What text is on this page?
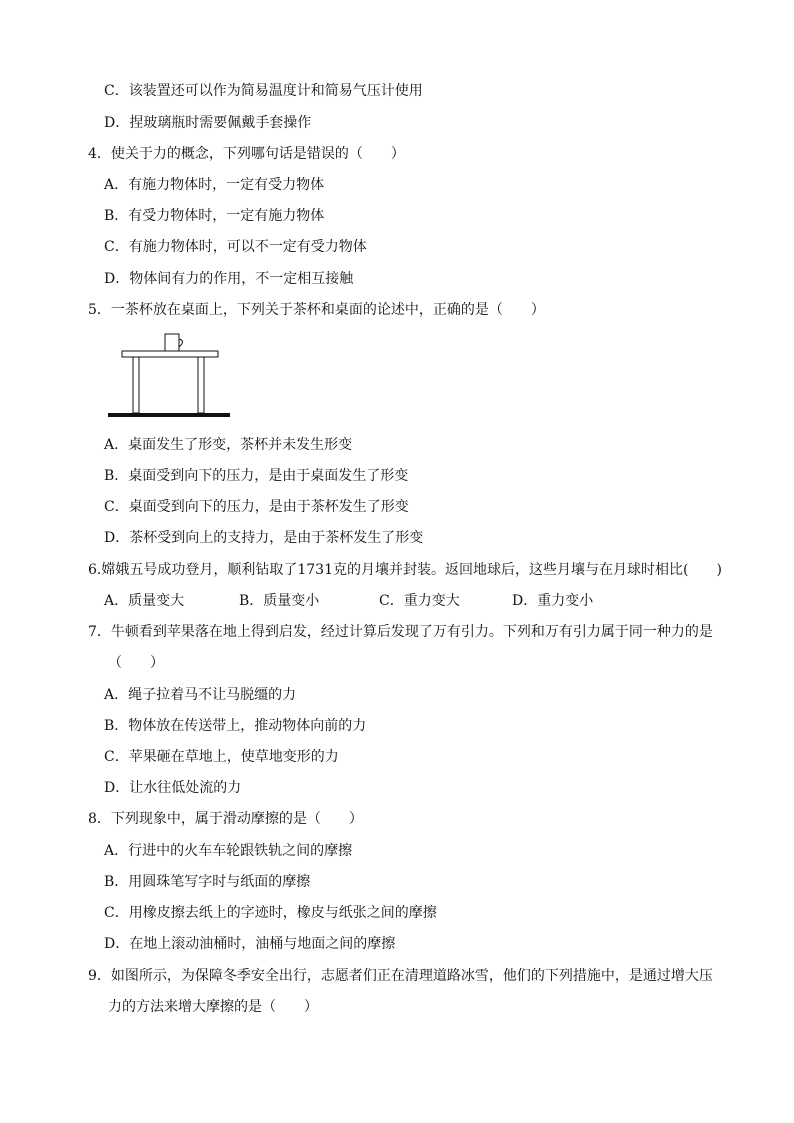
C．该装置还可以作为简易温度计和简易气压计使用
D．捏玻璃瓶时需要佩戴手套操作
4．使关于力的概念，下列哪句话是错误的（　　）
A．有施力物体时，一定有受力物体
B．有受力物体时，一定有施力物体
C．有施力物体时，可以不一定有受力物体
D．物体间有力的作用，不一定相互接触
5．一茶杯放在桌面上，下列关于茶杯和桌面的论述中，正确的是（　　）
A．桌面发生了形变，茶杯并未发生形变
B．桌面受到向下的压力，是由于桌面发生了形变
C．桌面受到向下的压力，是由于茶杯发生了形变
D．茶杯受到向上的支持力，是由于茶杯发生了形变
6.嫦娥五号成功登月，顺利钻取了1731克的月壤并封装。返回地球后，这些月壤与在月球时相比(　　)
A．质量变大	B．质量变小	C．重力变大	D．重力变小
7．牛顿看到苹果落在地上得到启发，经过计算后发现了万有引力。下列和万有引力属于同一种力的是
（　　）
A．绳子拉着马不让马脱缰的力
B．物体放在传送带上，推动物体向前的力
C．苹果砸在草地上，使草地变形的力
D．让水往低处流的力
8．下列现象中，属于滑动摩擦的是（　　）
A．行进中的火车车轮跟铁轨之间的摩擦
B．用圆珠笔写字时与纸面的摩擦
C．用橡皮擦去纸上的字迹时，橡皮与纸张之间的摩擦
D．在地上滚动油桶时，油桶与地面之间的摩擦
9．如图所示，为保障冬季安全出行，志愿者们正在清理道路冰雪，他们的下列措施中，是通过增大压
力的方法来增大摩擦的是（　　）
